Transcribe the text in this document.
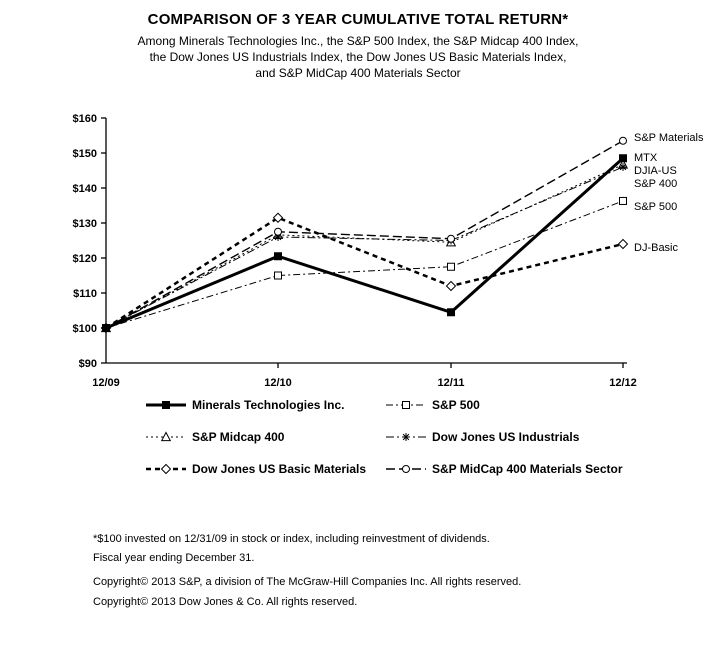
COMPARISON OF 3 YEAR CUMULATIVE TOTAL RETURN*
Among Minerals Technologies Inc., the S&P 500 Index, the S&P Midcap 400 Index,
the Dow Jones US Industrials Index, the Dow Jones US Basic Materials Index,
and S&P MidCap 400 Materials Sector
$160
$150
$140
$130
$120
$110
$100
$90
12/09	12/10	12/11	12/12
S&P 500
S&P 400
DJIA-US
S&P Materials
DJ-Basic
MTX
Minerals Technologies Inc.	S&P 500
S&P Midcap 400	Dow Jones US Industrials
Dow Jones US Basic Materials	S&P MidCap 400 Materials Sector
*$100 invested on 12/31/09 in stock or index, including reinvestment of dividends.
Fiscal year ending December 31.
Copyright© 2013 S&P, a division of The McGraw-Hill Companies Inc. All rights reserved.
Copyright© 2013 Dow Jones & Co. All rights reserved.
